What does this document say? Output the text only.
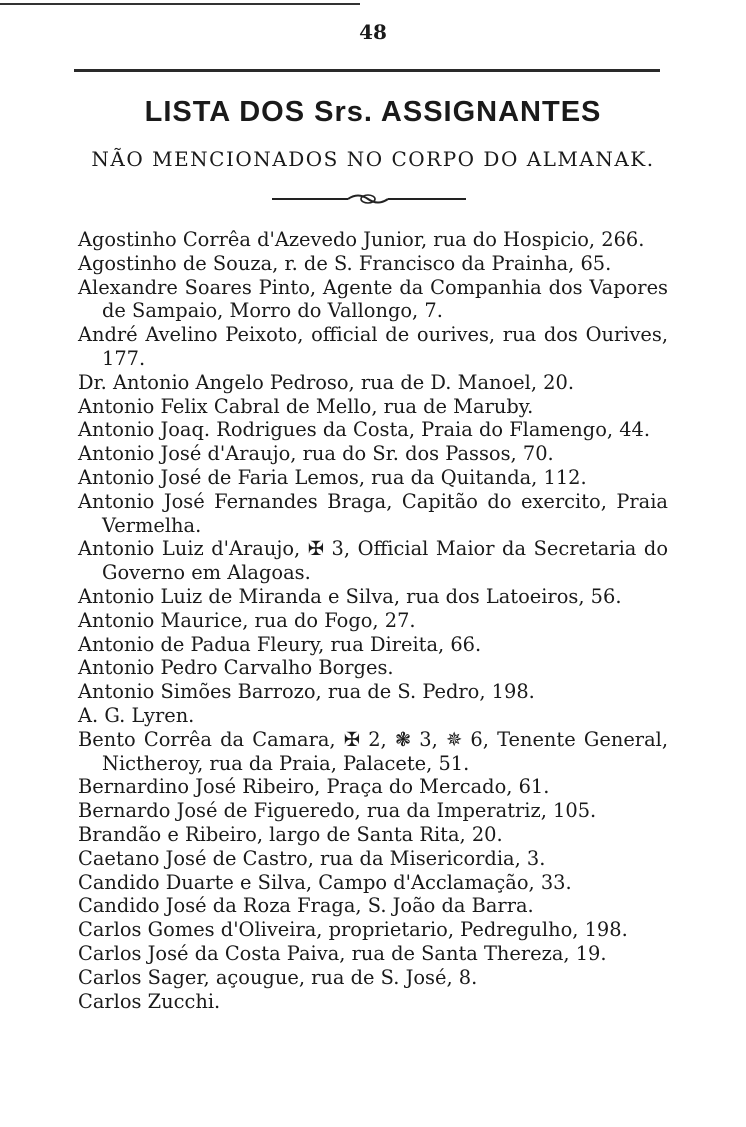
48
LISTA DOS Srs. ASSIGNANTES
NÃO MENCIONADOS NO CORPO DO ALMANAK.
Agostinho Corrêa d'Azevedo Junior, rua do Hospicio, 266.
Agostinho de Souza, r. de S. Francisco da Prainha, 65.
Alexandre Soares Pinto, Agente da Companhia dos Vapores de Sampaio, Morro do Vallongo, 7.
André Avelino Peixoto, official de ourives, rua dos Ourives, 177.
Dr. Antonio Angelo Pedroso, rua de D. Manoel, 20.
Antonio Felix Cabral de Mello, rua de Maruby.
Antonio Joaq. Rodrigues da Costa, Praia do Flamengo, 44.
Antonio José d'Araujo, rua do Sr. dos Passos, 70.
Antonio José de Faria Lemos, rua da Quitanda, 112.
Antonio José Fernandes Braga, Capitão do exercito, Praia Vermelha.
Antonio Luiz d'Araujo, ✠ 3, Official Maior da Secretaria do Governo em Alagoas.
Antonio Luiz de Miranda e Silva, rua dos Latoeiros, 56.
Antonio Maurice, rua do Fogo, 27.
Antonio de Padua Fleury, rua Direita, 66.
Antonio Pedro Carvalho Borges.
Antonio Simões Barrozo, rua de S. Pedro, 198.
A. G. Lyren.
Bento Corrêa da Camara, ✠ 2, ❃ 3, ✵ 6, Tenente General, Nictheroy, rua da Praia, Palacete, 51.
Bernardino José Ribeiro, Praça do Mercado, 61.
Bernardo José de Figueredo, rua da Imperatriz, 105.
Brandão e Ribeiro, largo de Santa Rita, 20.
Caetano José de Castro, rua da Misericordia, 3.
Candido Duarte e Silva, Campo d'Acclamação, 33.
Candido José da Roza Fraga, S. João da Barra.
Carlos Gomes d'Oliveira, proprietario, Pedregulho, 198.
Carlos José da Costa Paiva, rua de Santa Thereza, 19.
Carlos Sager, açougue, rua de S. José, 8.
Carlos Zucchi.
